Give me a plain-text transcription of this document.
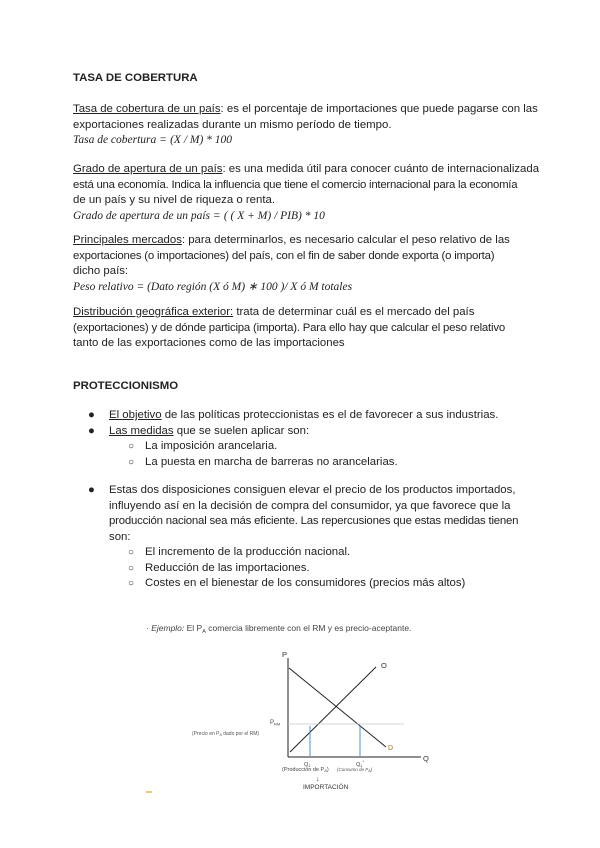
TASA DE COBERTURA
Tasa de cobertura de un país: es el porcentaje de importaciones que puede pagarse con las
exportaciones realizadas durante un mismo período de tiempo.
Tasa de cobertura = (X / M) * 100
Grado de apertura de un país: es una medida útil para conocer cuánto de internacionalizada
está una economía. Indica la influencia que tiene el comercio internacional para la economía
de un país y su nivel de riqueza o renta.
Grado de apertura de un país = ( ( X + M) / PIB) * 10
Principales mercados: para determinarlos, es necesario calcular el peso relativo de las
exportaciones (o importaciones) del país, con el fin de saber donde exporta (o importa)
dicho país:
Peso relativo = (Dato región (X ó M) ∗ 100 )/ X ó M totales
Distribución geográfica exterior: trata de determinar cuál es el mercado del país
(exportaciones) y de dónde participa (importa). Para ello hay que calcular el peso relativo
tanto de las exportaciones como de las importaciones
PROTECCIONISMO
● El objetivo de las políticas proteccionistas es el de favorecer a sus industrias.
● Las medidas que se suelen aplicar son:
○ La imposición arancelaria.
○ La puesta en marcha de barreras no arancelarias.
● Estas dos disposiciones consiguen elevar el precio de los productos importados,
influyendo así en la decisión de compra del consumidor, ya que favorece que la
producción nacional sea más eficiente. Las repercusiones que estas medidas tienen
son:
○ El incremento de la producción nacional.
○ Reducción de las importaciones.
○ Costes en el bienestar de los consumidores (precios más altos)
· Ejemplo: El $P_A$ comercia libremente con el RM y es precio-aceptante.
P
Q
O
D
$P_{RM}$
(Precio en $P_A$ dado por el RM)
Q1	Q1*
(Producción de PA) (Consumo de $P_A$)
↓
IMPORTACIÓN
